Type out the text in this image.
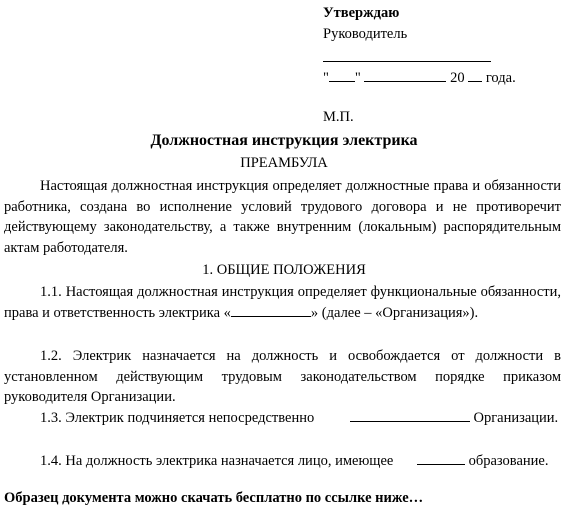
Утверждаю
Руководитель
" "	20 года.
М.П.
Должностная инструкция электрика
ПРЕАМБУЛА
Настоящая должностная инструкция определяет должностные права и обязанности работника, создана во исполнение условий трудового договора и не противоречит действующему законодательству, а также внутренним (локальным) распорядительным актам работодателя.
1. ОБЩИЕ ПОЛОЖЕНИЯ
1.1. Настоящая должностная инструкция определяет функциональные обязанности, права и ответственность электрика «	» (далее – «Организация»).
1.2. Электрик назначается на должность и освобождается от должности в установленном действующим трудовым законодательством порядке приказом руководителя Организации.
1.3. Электрик подчиняется непосредственно	Организации.
1.4. На должность электрика назначается лицо, имеющее	образование.
Образец документа можно скачать бесплатно по ссылке ниже…
